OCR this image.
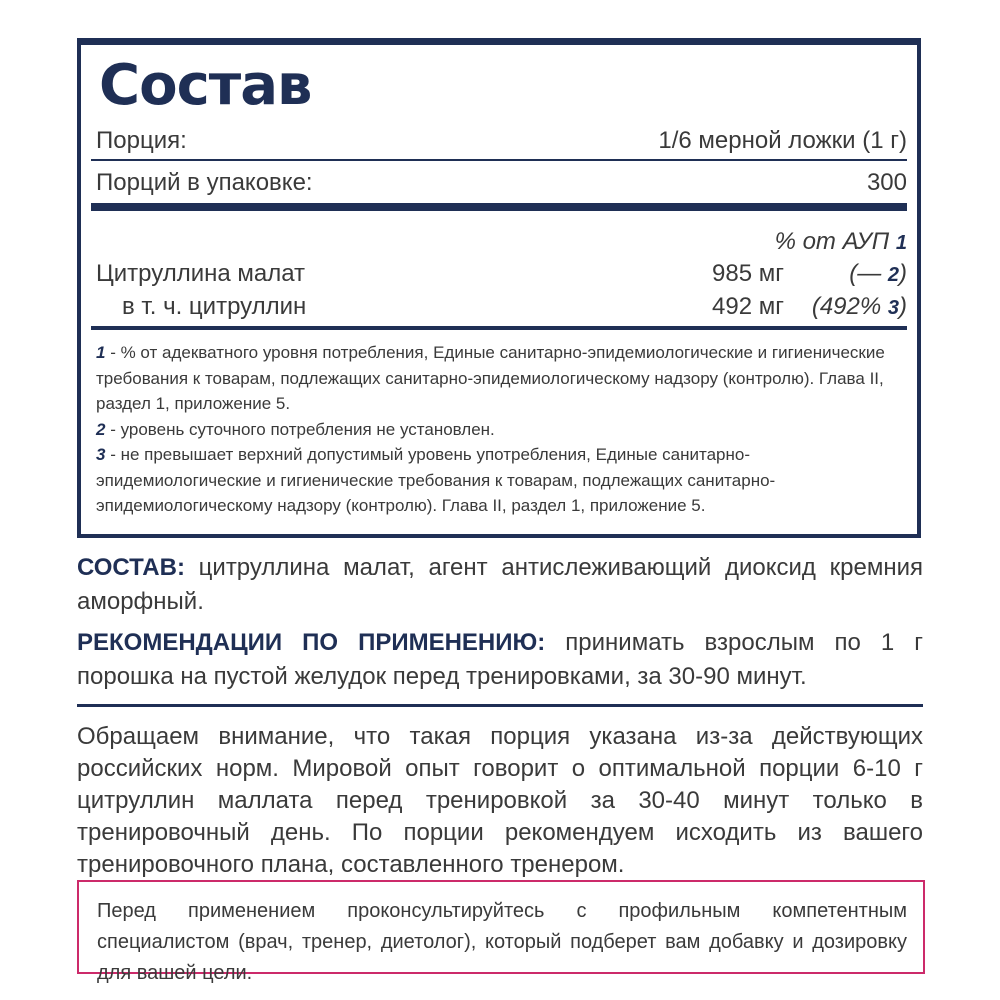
Состав
Порция:	1/6 мерной ложки (1 г)
Порций в упаковке:	300
% от АУП 1
Цитруллина малат	985 мг	(— 2)
в т. ч. цитруллин	492 мг (492% 3)

1 - % от адекватного уровня потребления, Единые санитарно-эпидемиологические и гигиенические требования к товарам, подлежащих санитарно-эпидемиологическому надзору (контролю). Глава II, раздел 1, приложение 5.

2 - уровень суточного потребления не установлен.

3 - не превышает верхний допустимый уровень употребления, Единые санитарно-эпидемиологические и гигиенические требования к товарам, подлежащих санитарно-эпидемиологическому надзору (контролю). Глава II, раздел 1, приложение 5.

СОСТАВ: цитруллина малат, агент антислеживающий диоксид кремния аморфный.
РЕКОМЕНДАЦИИ ПО ПРИМЕНЕНИЮ: принимать взрослым по 1 г порошка на пустой желудок перед тренировками, за 30-90 минут.
Обращаем внимание, что такая порция указана из-за действующих российских норм. Мировой опыт говорит о оптимальной порции 6-10 г цитруллин маллата перед тренировкой за 30-40 минут только в тренировочный день. По порции рекомендуем исходить из вашего тренировочного плана, составленного тренером.

Перед применением проконсультируйтесь с профильным компетентным специалистом (врач, тренер, диетолог), который подберет вам добавку и дозировку для вашей цели.
